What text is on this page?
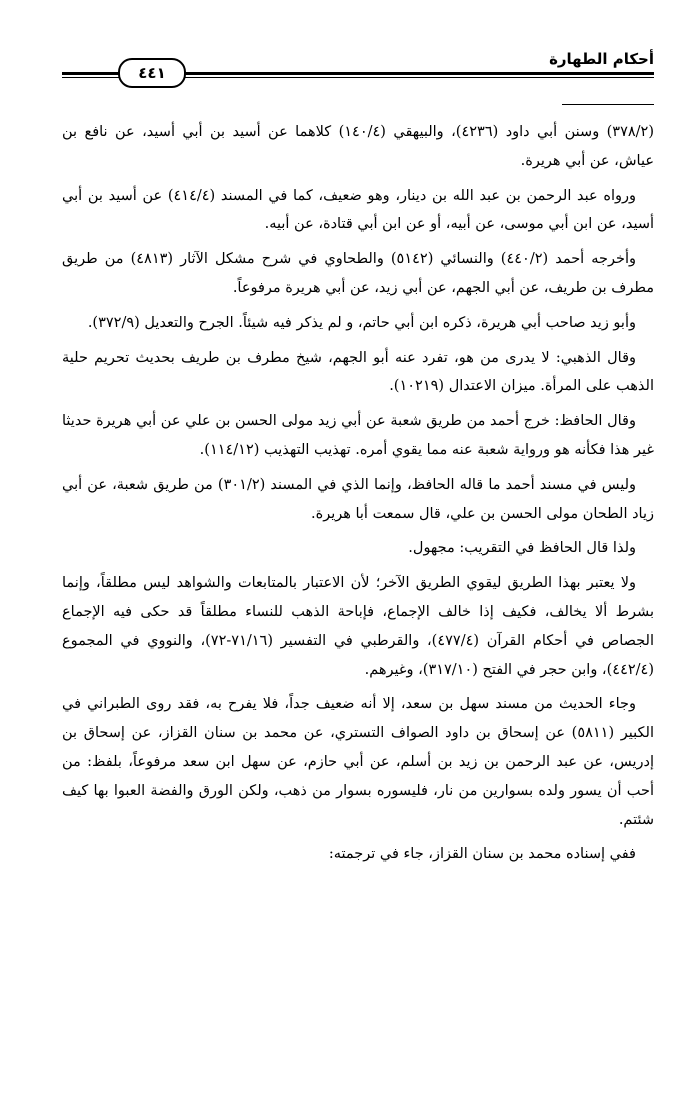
أحكام الطهارة
٤٤١

(٣٧٨/٢) وسنن أبي داود (٤٢٣٦)، والبيهقي (١٤٠/٤) كلاهما عن أسيد بن أبي أسيد، عن نافع بن عياش، عن أبي هريرة.

ورواه عبد الرحمن بن عبد الله بن دينار، وهو ضعيف، كما في المسند (٤١٤/٤) عن أسيد بن أبي أسيد، عن ابن أبي موسى، عن أبيه، أو عن ابن أبي قتادة، عن أبيه.

وأخرجه أحمد (٤٤٠/٢) والنسائي (٥١٤٢) والطحاوي في شرح مشكل الآثار (٤٨١٣) من طريق مطرف بن طريف، عن أبي الجهم، عن أبي زيد، عن أبي هريرة مرفوعاً.

وأبو زيد صاحب أبي هريرة، ذكره ابن أبي حاتم، و لم يذكر فيه شيئاً. الجرح والتعديل (٣٧٢/٩).

وقال الذهبي: لا يدرى من هو، تفرد عنه أبو الجهم، شيخ مطرف بن طريف بحديث تحريم حلية الذهب على المرأة. ميزان الاعتدال (١٠٢١٩).

وقال الحافظ: خرج أحمد من طريق شعبة عن أبي زيد مولى الحسن بن علي عن أبي هريرة حديثا غير هذا فكأنه هو ورواية شعبة عنه مما يقوي أمره. تهذيب التهذيب (١١٤/١٢).

وليس في مسند أحمد ما قاله الحافظ، وإنما الذي في المسند (٣٠١/٢) من طريق شعبة، عن أبي زياد الطحان مولى الحسن بن علي، قال سمعت أبا هريرة.

ولذا قال الحافظ في التقريب: مجهول.

ولا يعتبر بهذا الطريق ليقوي الطريق الآخر؛ لأن الاعتبار بالمتابعات والشواهد ليس مطلقاً، وإنما بشرط ألا يخالف، فكيف إذا خالف الإجماع، فإباحة الذهب للنساء مطلقاً قد حكى فيه الإجماع الجصاص في أحكام القرآن (٤٧٧/٤)، والقرطبي في التفسير (٧١/١٦-٧٢)، والنووي في المجموع (٤٤٢/٤)، وابن حجر في الفتح (٣١٧/١٠)، وغيرهم.

وجاء الحديث من مسند سهل بن سعد، إلا أنه ضعيف جداً، فلا يفرح به، فقد روى الطبراني في الكبير (٥٨١١) عن إسحاق بن داود الصواف التستري، عن محمد بن سنان القزاز، عن إسحاق بن إدريس، عن عبد الرحمن بن زيد بن أسلم، عن أبي حازم، عن سهل ابن سعد مرفوعاً، بلفظ: من أحب أن يسور ولده بسوارين من نار، فليسوره بسوار من ذهب، ولكن الورق والفضة العبوا بها كيف شئتم.

ففي إسناده محمد بن سنان القزاز، جاء في ترجمته:
